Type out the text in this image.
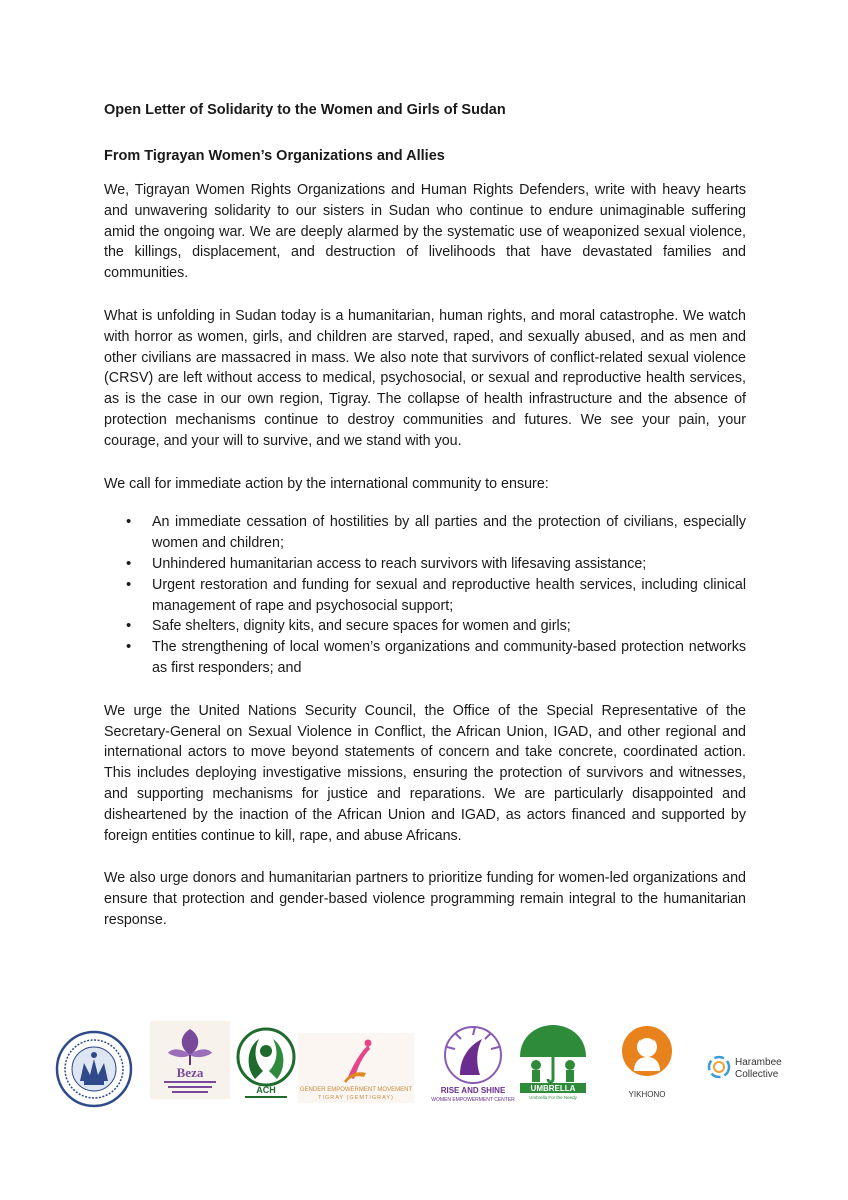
Open Letter of Solidarity to the Women and Girls of Sudan

From Tigrayan Women’s Organizations and Allies

We, Tigrayan Women Rights Organizations and Human Rights Defenders, write with heavy hearts and unwavering solidarity to our sisters in Sudan who continue to endure unimaginable suffering amid the ongoing war. We are deeply alarmed by the systematic use of weaponized sexual violence, the killings, displacement, and destruction of livelihoods that have devastated families and communities.

What is unfolding in Sudan today is a humanitarian, human rights, and moral catastrophe. We watch with horror as women, girls, and children are starved, raped, and sexually abused, and as men and other civilians are massacred in mass. We also note that survivors of conflict-related sexual violence (CRSV) are left without access to medical, psychosocial, or sexual and reproductive health services, as is the case in our own region, Tigray. The collapse of health infrastructure and the absence of protection mechanisms continue to destroy communities and futures. We see your pain, your courage, and your will to survive, and we stand with you.

We call for immediate action by the international community to ensure:

• An immediate cessation of hostilities by all parties and the protection of civilians, especially women and children;
• Unhindered humanitarian access to reach survivors with lifesaving assistance;
• Urgent restoration and funding for sexual and reproductive health services, including clinical management of rape and psychosocial support;
• Safe shelters, dignity kits, and secure spaces for women and girls;
• The strengthening of local women’s organizations and community-based protection networks as first responders; and

We urge the United Nations Security Council, the Office of the Special Representative of the Secretary-General on Sexual Violence in Conflict, the African Union, IGAD, and other regional and international actors to move beyond statements of concern and take concrete, coordinated action. This includes deploying investigative missions, ensuring the protection of survivors and witnesses, and supporting mechanisms for justice and reparations. We are particularly disappointed and disheartened by the inaction of the African Union and IGAD, as actors financed and supported by foreign entities continue to kill, rape, and abuse Africans.

We also urge donors and humanitarian partners to prioritize funding for women-led organizations and ensure that protection and gender-based violence programming remain integral to the humanitarian response.

Beza
ACH	GENDER EMPOWERMENT MOVEMENT
TIGRAY (GEMTIGRAY)
RISE AND SHINE
WOMEN EMPOWERMENT CENTER
UMBRELLA
Umbrella For the Needy	YIKHONO
Harambee
Collective
